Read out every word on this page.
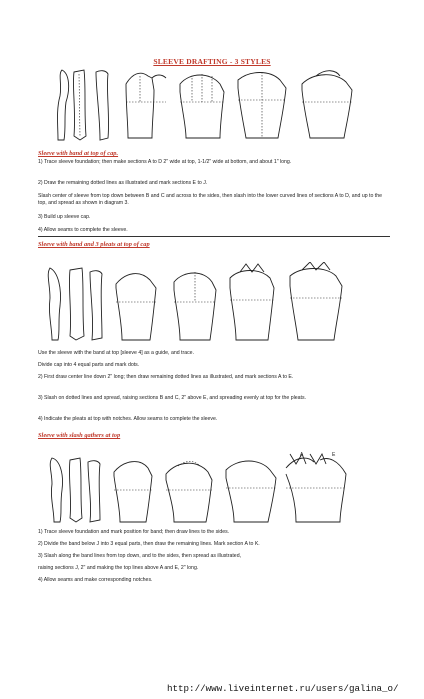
SLEEVE DRAFTING - 3 STYLES
Sleeve with band at top of cap.
1) Trace sleeve foundation; then make sections A to D 2" wide at top, 1-1/2" wide at bottom, and about 1" long.
2) Draw the remaining dotted lines as illustrated and mark sections E to J.
Slash center of sleeve from top down between B and C and across to the sides, then slash into the lower curved lines of sections A to D, and up to the top, and spread as shown in diagram 3.
3) Build up sleeve cap.
4) Allow seams to complete the sleeve.
Sleeve with band and 3 pleats at top of cap
Use the sleeve with the band at top [sleeve 4] as a guide, and trace.
Divide cap into 4 equal parts and mark dots.
2) First draw center line down 2" long; then draw remaining dotted lines as illustrated, and mark sections A to E.
3) Slash on dotted lines and spread, raising sections B and C, 2" above E, and spreading evenly at top for the pleats.
4) Indicate the pleats at top with notches. Allow seams to complete the sleeve.
Sleeve with slash gathers at top
A	E
1) Trace sleeve foundation and mark position for band; then draw lines to the sides.
2) Divide the band below J into 3 equal parts, then draw the remaining lines. Mark section A to K.
3) Slash along the band lines from top down, and to the sides, then spread as illustrated,
raising sections J, 2" and making the top lines above A and E, 2" long.
4) Allow seams and make corresponding notches.
http://www.liveinternet.ru/users/galina_o/
